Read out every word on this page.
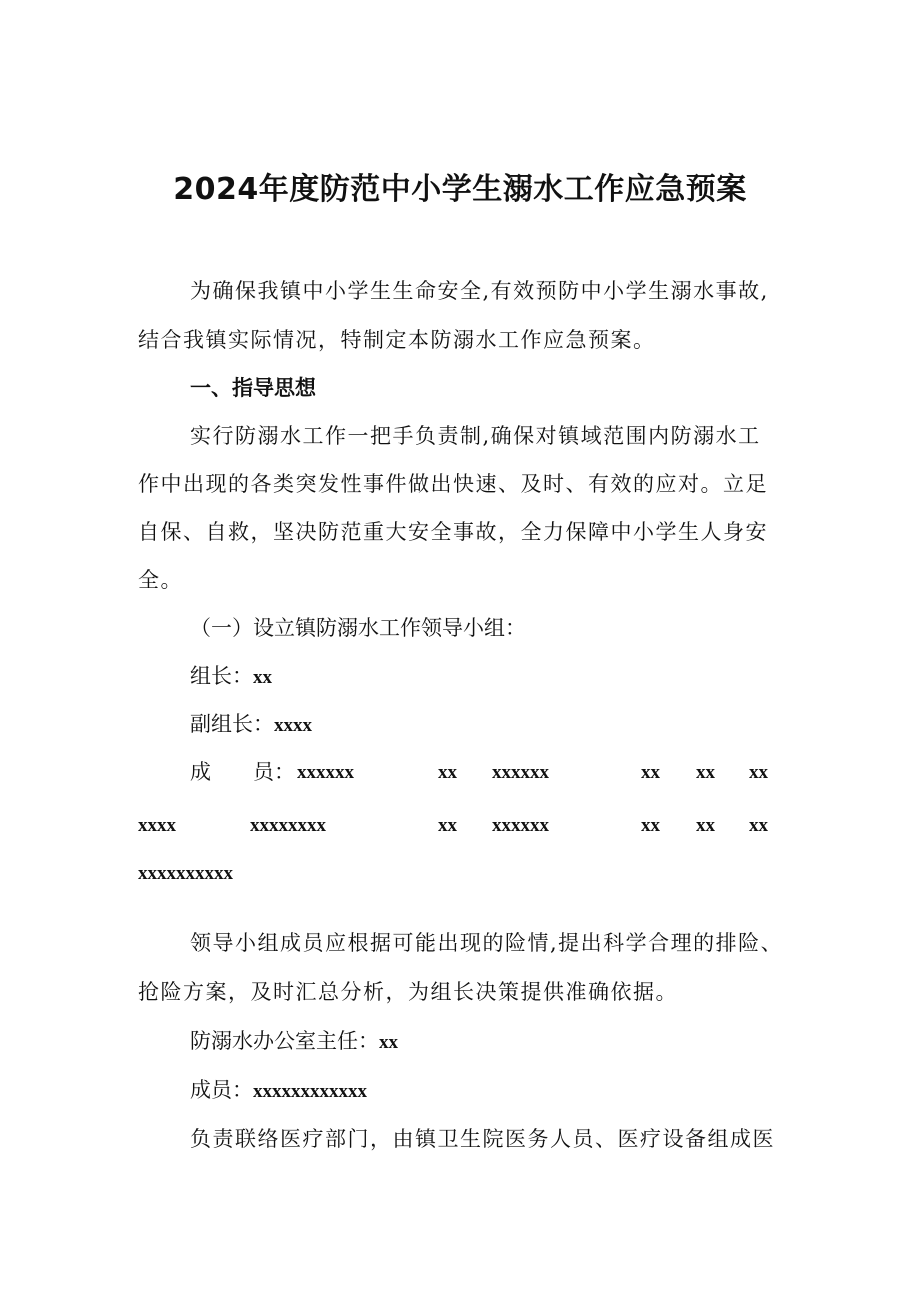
2024年度防范中小学生溺水工作应急预案
为确保我镇中小学生生命安全,有效预防中小学生溺水事故,
结合我镇实际情况，特制定本防溺水工作应急预案。
一、指导思想
实行防溺水工作一把手负责制,确保对镇域范围内防溺水工
作中出现的各类突发性事件做出快速、及时、有效的应对。立足
自保、自救，坚决防范重大安全事故，全力保障中小学生人身安
全。
（一）设立镇防溺水工作领导小组：
组长：xx
副组长：xxxx
成　　员： xxxxxx	xx xxxxxx	xx xx xx
xxxx	xxxxxxxx	xx xxxxxx	xx xx xx
xxxxxxxxxx
领导小组成员应根据可能出现的险情,提出科学合理的排险、
抢险方案，及时汇总分析，为组长决策提供准确依据。
防溺水办公室主任：xx
成员：xxxxxxxxxxxx
负责联络医疗部门，由镇卫生院医务人员、医疗设备组成医
